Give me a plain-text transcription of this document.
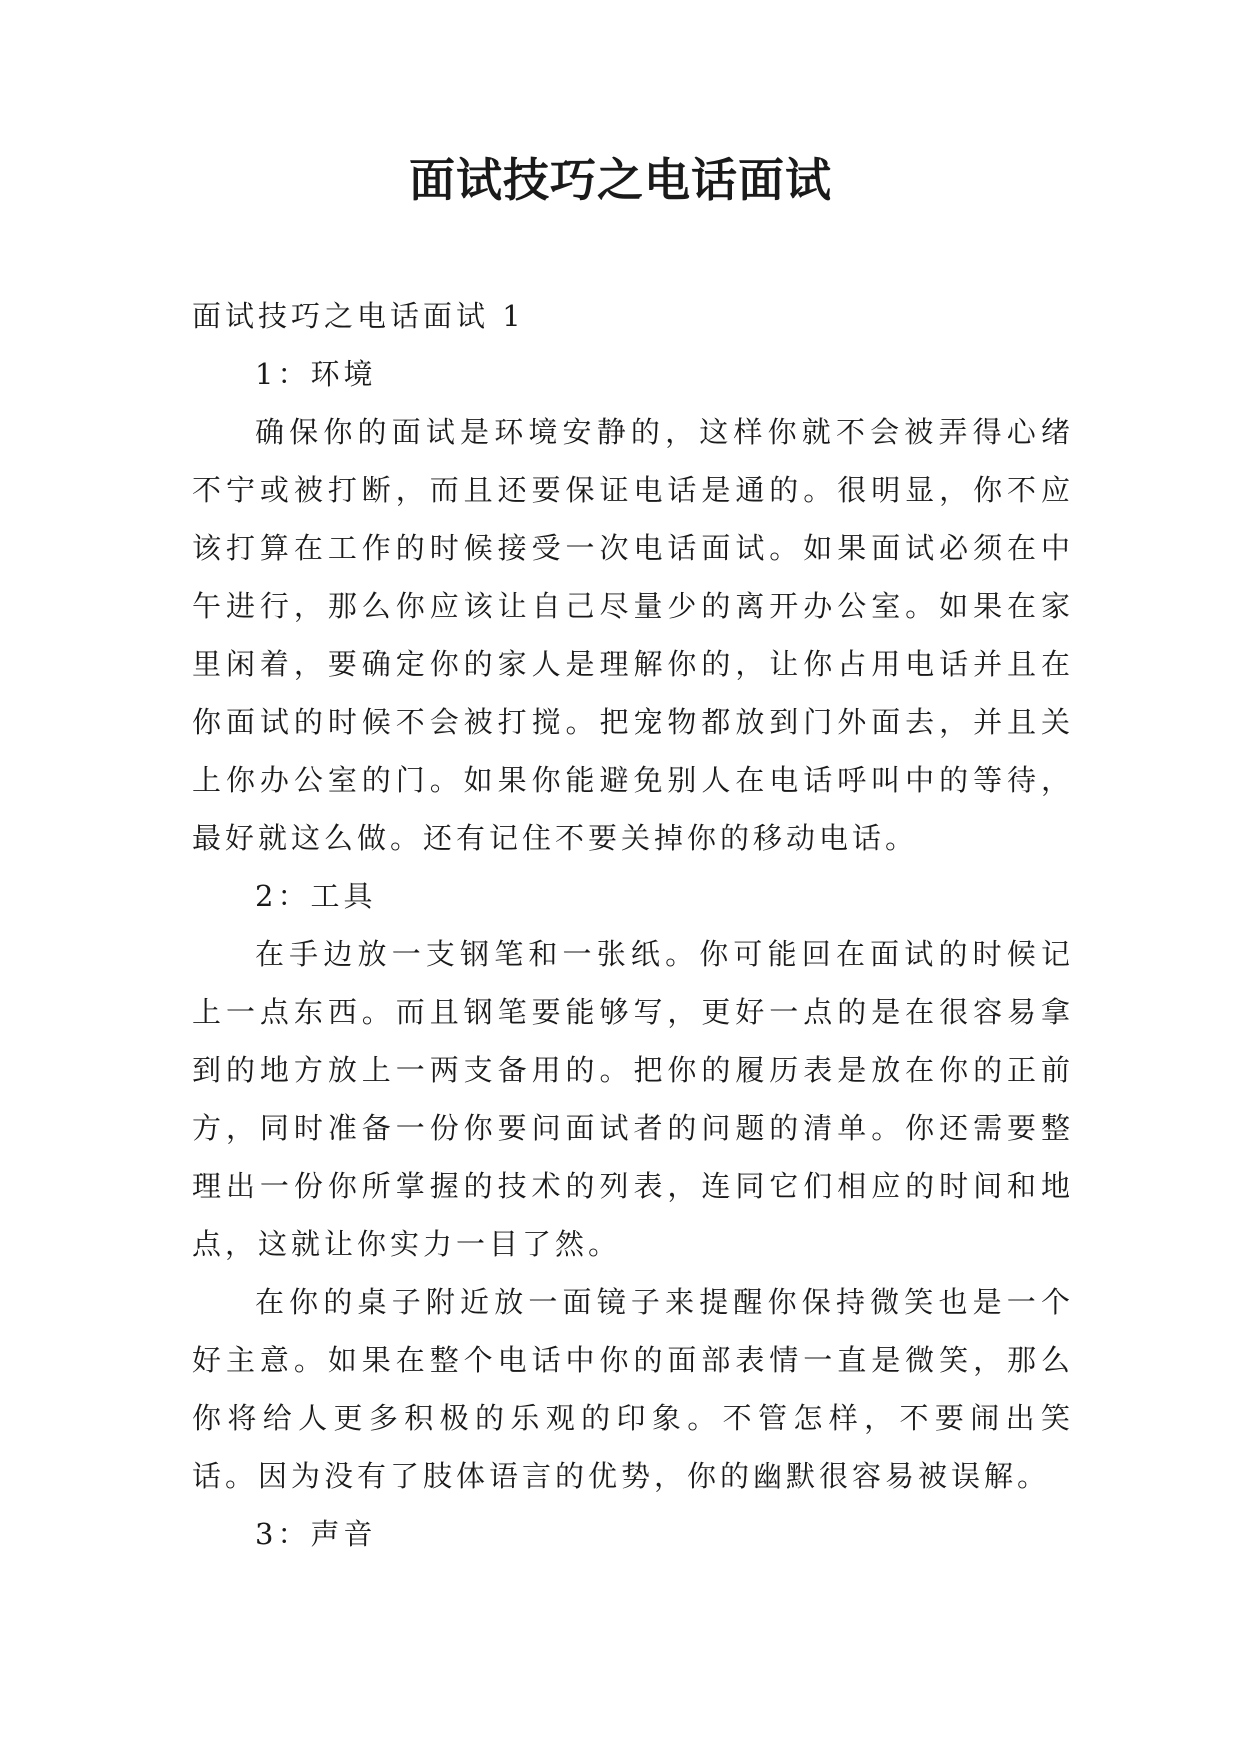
面试技巧之电话面试

面试技巧之电话面试 1

1：环境

确保你的面试是环境安静的，这样你就不会被弄得心绪不宁或被打断，而且还要保证电话是通的。很明显，你不应该打算在工作的时候接受一次电话面试。如果面试必须在中午进行，那么你应该让自己尽量少的离开办公室。如果在家里闲着，要确定你的家人是理解你的，让你占用电话并且在你面试的时候不会被打搅。把宠物都放到门外面去，并且关上你办公室的门。如果你能避免别人在电话呼叫中的等待，最好就这么做。还有记住不要关掉你的移动电话。

2：工具

在手边放一支钢笔和一张纸。你可能回在面试的时候记上一点东西。而且钢笔要能够写，更好一点的是在很容易拿到的地方放上一两支备用的。把你的履历表是放在你的正前方，同时准备一份你要问面试者的问题的清单。你还需要整理出一份你所掌握的技术的列表，连同它们相应的时间和地点，这就让你实力一目了然。

在你的桌子附近放一面镜子来提醒你保持微笑也是一个好主意。如果在整个电话中你的面部表情一直是微笑，那么你将给人更多积极的乐观的印象。不管怎样，不要闹出笑话。因为没有了肢体语言的优势，你的幽默很容易被误解。

3：声音
